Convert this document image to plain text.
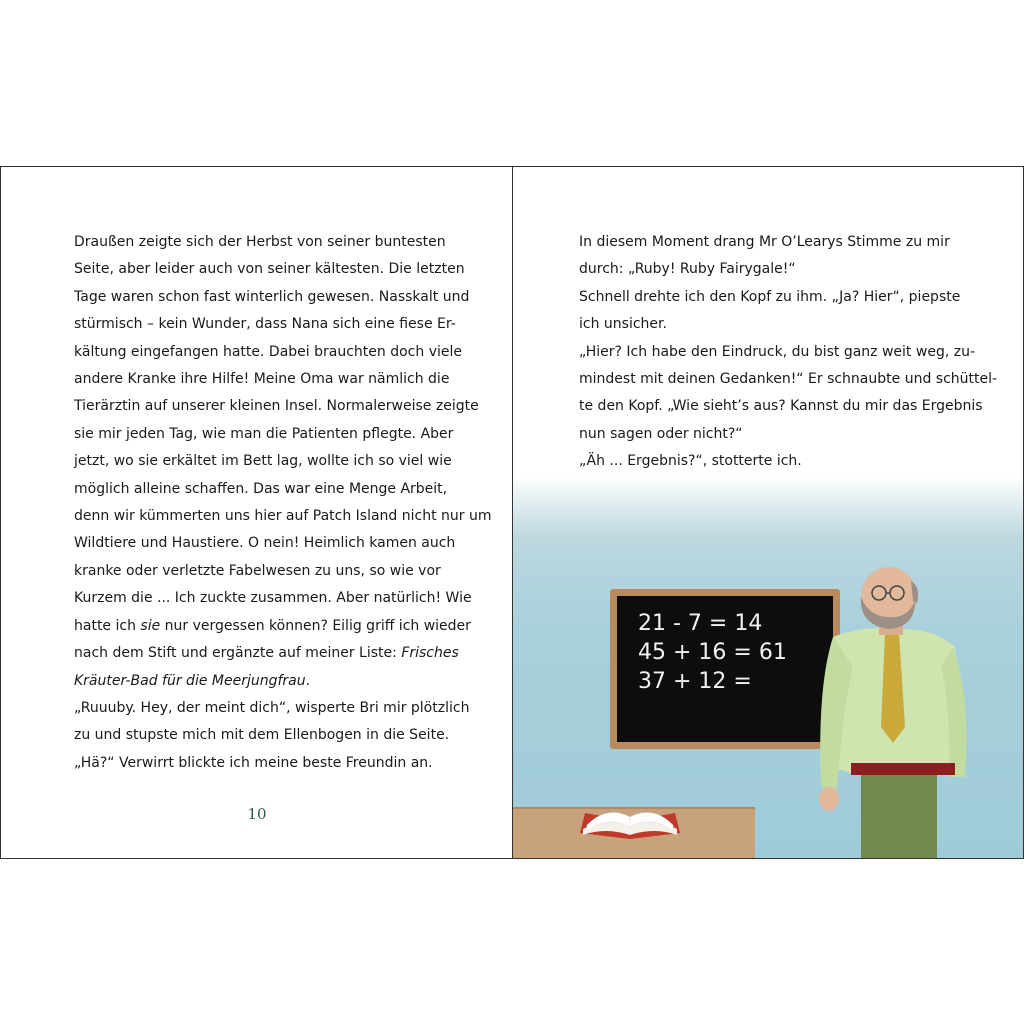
Draußen zeigte sich der Herbst von seiner buntesten
Seite, aber leider auch von seiner kältesten. Die letzten
Tage waren schon fast winterlich gewesen. Nasskalt und
stürmisch – kein Wunder, dass Nana sich eine fiese Er-
kältung eingefangen hatte. Dabei brauchten doch viele
andere Kranke ihre Hilfe! Meine Oma war nämlich die
Tierärztin auf unserer kleinen Insel. Normalerweise zeigte
sie mir jeden Tag, wie man die Patienten pflegte. Aber
jetzt, wo sie erkältet im Bett lag, wollte ich so viel wie
möglich alleine schaffen. Das war eine Menge Arbeit,
denn wir kümmerten uns hier auf Patch Island nicht nur um
Wildtiere und Haustiere. O nein! Heimlich kamen auch
kranke oder verletzte Fabelwesen zu uns, so wie vor
Kurzem die ... Ich zuckte zusammen. Aber natürlich! Wie
hatte ich sie nur vergessen können? Eilig griff ich wieder
nach dem Stift und ergänzte auf meiner Liste: Frisches
Kräuter-Bad für die Meerjungfrau.
„Ruuuby. Hey, der meint dich“, wisperte Bri mir plötzlich
zu und stupste mich mit dem Ellenbogen in die Seite.
„Hä?“ Verwirrt blickte ich meine beste Freundin an.
10
In diesem Moment drang Mr O’Learys Stimme zu mir
durch: „Ruby! Ruby Fairygale!“
Schnell drehte ich den Kopf zu ihm. „Ja? Hier“, piepste
ich unsicher.
„Hier? Ich habe den Eindruck, du bist ganz weit weg, zu-
mindest mit deinen Gedanken!“ Er schnaubte und schüttel-
te den Kopf. „Wie sieht’s aus? Kannst du mir das Ergebnis
nun sagen oder nicht?“
„Äh ... Ergebnis?“, stotterte ich.
21 - 7 = 14
45 + 16 = 61
37 + 12 =
